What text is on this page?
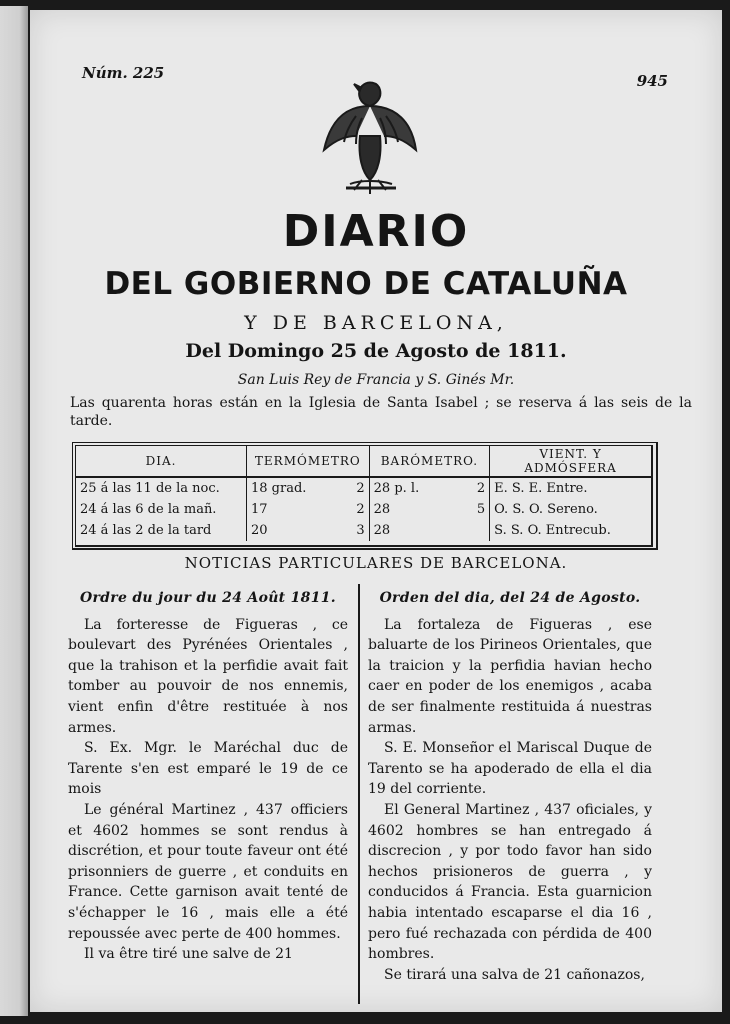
Núm. 225	945
DIARIO
DEL GOBIERNO DE CATALUÑA
Y DE BARCELONA,
Del Domingo 25 de Agosto de 1811.
San Luis Rey de Francia y S. Ginés Mr.
Las quarenta horas están en la Iglesia de Santa Isabel ; se reserva á las seis de la tarde.
DIA.	TERMÓMETRO		BARÓMETRO.		VIENT. Y ADMÓSFERA
25 á las 11 de la noc.	18 grad.	2	28 p. l.	2	E. S. E. Entre.
24 á las 6 de la mañ.	17	2	28	5	O. S. O. Sereno.
24 á las 2 de la tard	20	3	28		S. S. O. Entrecub.
NOTICIAS PARTICULARES DE BARCELONA.
Ordre du jour du 24 Août 1811.

La forteresse de Figueras , ce boulevart des Pyrénées Orientales , que la trahison et la perfidie avait fait tomber au pouvoir de nos ennemis, vient enfin d'être restituée à nos armes.

S. Ex. Mgr. le Maréchal duc de Tarente s'en est emparé le 19 de ce mois

Le général Martinez , 437 officiers et 4602 hommes se sont rendus à discrétion, et pour toute faveur ont été prisonniers de guerre , et conduits en France. Cette garnison avait tenté de s'échapper le 16 , mais elle a été repoussée avec perte de 400 hommes.

Il va être tiré une salve de 21

Orden del dia, del 24 de Agosto.

La fortaleza de Figueras , ese baluarte de los Pirineos Orientales, que la traicion y la perfidia havian hecho caer en poder de los enemigos , acaba de ser finalmente restituida á nuestras armas.

S. E. Monseñor el Mariscal Duque de Tarento se ha apoderado de ella el dia 19 del corriente.

El General Martinez , 437 oficiales, y 4602 hombres se han entregado á discrecion , y por todo favor han sido hechos prisioneros de guerra , y conducidos á Francia. Esta guarnicion habia intentado escaparse el dia 16 , pero fué rechazada con pérdida de 400 hombres.

Se tirará una salva de 21 cañonazos,
